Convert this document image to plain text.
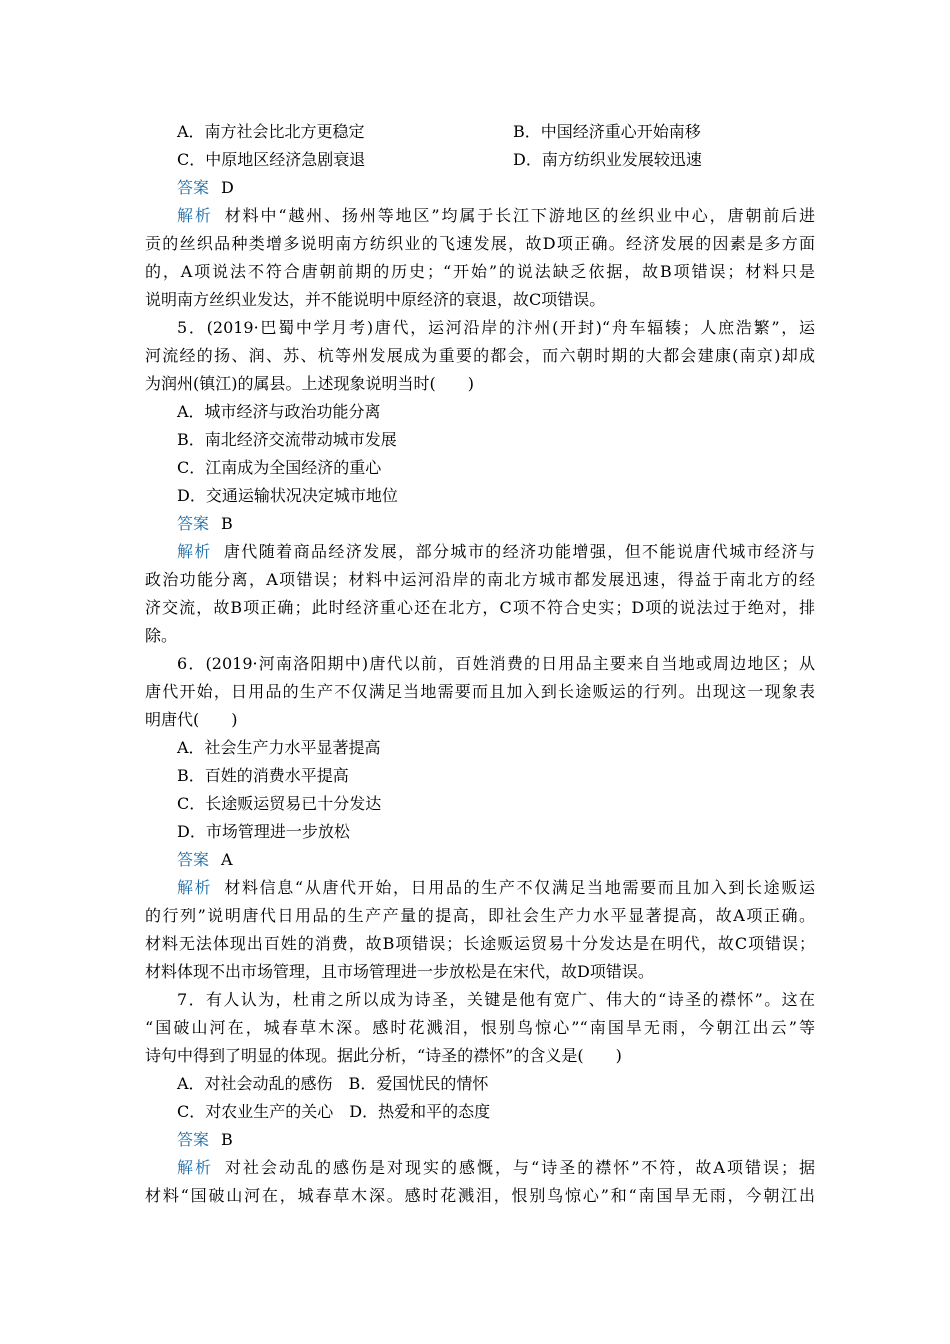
A．南方社会比北方更稳定	B．中国经济重心开始南移
C．中原地区经济急剧衰退	D．南方纺织业发展较迅速
答案 D
解析 材料中“越州、扬州等地区”均属于长江下游地区的丝织业中心，唐朝前后进
贡的丝织品种类增多说明南方纺织业的飞速发展，故D项正确。经济发展的因素是多方面
的，A项说法不符合唐朝前期的历史；“开始”的说法缺乏依据，故B项错误；材料只是
说明南方丝织业发达，并不能说明中原经济的衰退，故C项错误。
5．(2019·巴蜀中学月考)唐代，运河沿岸的汴州(开封)“舟车辐辏；人庶浩繁”，运
河流经的扬、润、苏、杭等州发展成为重要的都会，而六朝时期的大都会建康(南京)却成
为润州(镇江)的属县。上述现象说明当时(　　)
A．城市经济与政治功能分离
B．南北经济交流带动城市发展
C．江南成为全国经济的重心
D．交通运输状况决定城市地位
答案 B
解析 唐代随着商品经济发展，部分城市的经济功能增强，但不能说唐代城市经济与
政治功能分离，A项错误；材料中运河沿岸的南北方城市都发展迅速，得益于南北方的经
济交流，故B项正确；此时经济重心还在北方，C项不符合史实；D项的说法过于绝对，排
除。
6．(2019·河南洛阳期中)唐代以前，百姓消费的日用品主要来自当地或周边地区；从
唐代开始，日用品的生产不仅满足当地需要而且加入到长途贩运的行列。出现这一现象表
明唐代(　　)
A．社会生产力水平显著提高
B．百姓的消费水平提高
C．长途贩运贸易已十分发达
D．市场管理进一步放松
答案 A
解析 材料信息“从唐代开始，日用品的生产不仅满足当地需要而且加入到长途贩运
的行列”说明唐代日用品的生产产量的提高，即社会生产力水平显著提高，故A项正确。
材料无法体现出百姓的消费，故B项错误；长途贩运贸易十分发达是在明代，故C项错误；
材料体现不出市场管理，且市场管理进一步放松是在宋代，故D项错误。
7．有人认为，杜甫之所以成为诗圣，关键是他有宽广、伟大的“诗圣的襟怀”。这在
“国破山河在，城春草木深。感时花溅泪，恨别鸟惊心”“南国旱无雨，今朝江出云”等
诗句中得到了明显的体现。据此分析，“诗圣的襟怀”的含义是(　　)
A．对社会动乱的感伤　B．爱国忧民的情怀
C．对农业生产的关心　D．热爱和平的态度
答案 B
解析 对社会动乱的感伤是对现实的感慨，与“诗圣的襟怀”不符，故A项错误；据
材料“国破山河在，城春草木深。感时花溅泪，恨别鸟惊心”和“南国旱无雨，今朝江出
